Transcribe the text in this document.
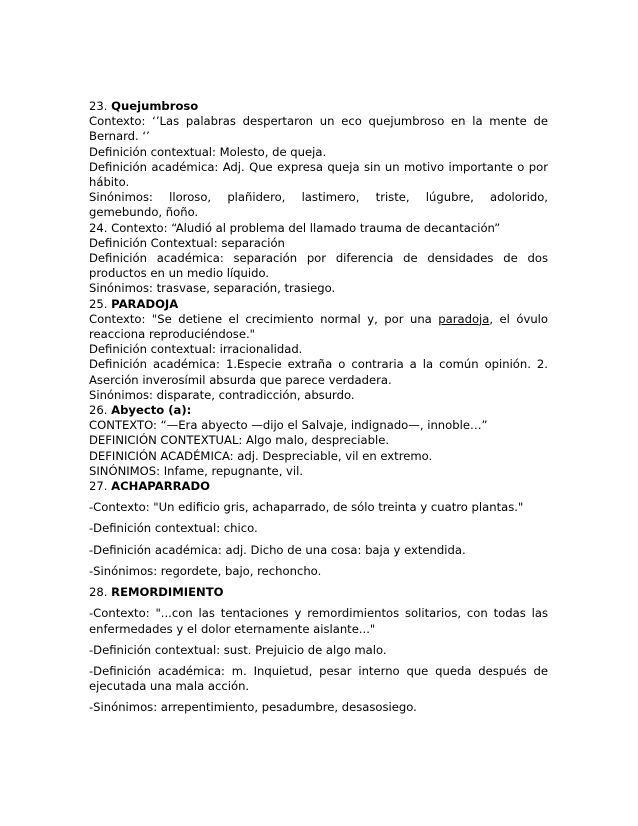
23. Quejumbroso
Contexto: ‘’Las palabras despertaron un eco quejumbroso en la mente de Bernard. ‘’
Definición contextual: Molesto, de queja.
Definición académica: Adj. Que expresa queja sin un motivo importante o por hábito.
Sinónimos: lloroso, plañidero, lastimero, triste, lúgubre, adolorido, gemebundo, ñoño.
24. Contexto: “Aludió al problema del llamado trauma de decantación”
Definición Contextual: separación
Definición académica: separación por diferencia de densidades de dos productos en un medio líquido.
Sinónimos: trasvase, separación, trasiego.
25. PARADOJA
Contexto: "Se detiene el crecimiento normal y, por una paradoja, el óvulo reacciona reproduciéndose."
Definición contextual: irracionalidad.
Definición académica: 1.Especie extraña o contraria a la común opinión. 2. Aserción inverosímil absurda que parece verdadera.
Sinónimos: disparate, contradicción, absurdo.
26. Abyecto (a):
CONTEXTO: “—Era abyecto —dijo el Salvaje, indignado—, innoble…”
DEFINICIÓN CONTEXTUAL: Algo malo, despreciable.
DEFINICIÓN ACADÉMICA: adj. Despreciable, vil en extremo.
SINÓNIMOS: Infame, repugnante, vil.
27. ACHAPARRADO
-Contexto: "Un edificio gris, achaparrado, de sólo treinta y cuatro plantas."
-Definición contextual: chico.
-Definición académica: adj. Dicho de una cosa: baja y extendida.
-Sinónimos: regordete, bajo, rechoncho.
28. REMORDIMIENTO
-Contexto: "...con las tentaciones y remordimientos solitarios, con todas las enfermedades y el dolor eternamente aislante..."
-Definición contextual: sust. Prejuicio de algo malo.
-Definición académica: m. Inquietud, pesar interno que queda después de ejecutada una mala acción.
-Sinónimos: arrepentimiento, pesadumbre, desasosiego.
